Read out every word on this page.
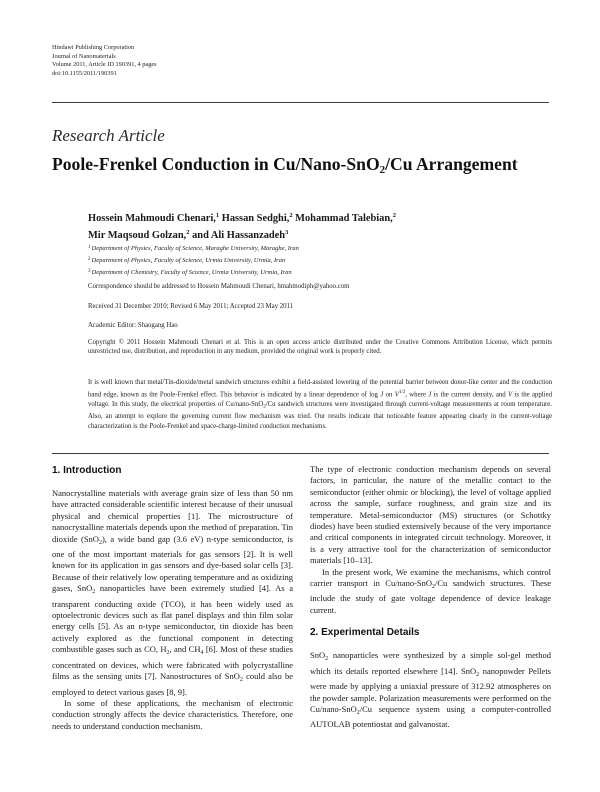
Hindawi Publishing Corporation
Journal of Nanomaterials
Volume 2011, Article ID 190391, 4 pages
doi:10.1155/2011/190391
Research Article
Poole-Frenkel Conduction in Cu/Nano-SnO$_2$/Cu Arrangement
Hossein Mahmoudi Chenari,$^1$ Hassan Sedghi,$^2$ Mohammad Talebian,$^2$
Mir Maqsoud Golzan,$^2$ and Ali Hassanzadeh$^3$
$^1$Department of Physics, Faculty of Science, Maraghe University, Maraghe, Iran
$^2$Department of Physics, Faculty of Science, Urmia University, Urmia, Iran
$^3$Department of Chemistry, Faculty of Science, Urmia University, Urmia, Iran
Correspondence should be addressed to Hossein Mahmoudi Chenari, hmahmodiph@yahoo.com
Received 31 December 2010; Revised 6 May 2011; Accepted 23 May 2011
Academic Editor: Shaogang Hao
Copyright © 2011 Hossein Mahmoudi Chenari et al. This is an open access article distributed under the Creative Commons Attribution License, which permits unrestricted use, distribution, and reproduction in any medium, provided the original work is properly cited.
It is well known that metal/Tin-dioxide/metal sandwich structures exhibit a field-assisted lowering of the potential barrier between donor-like center and the conduction band edge, known as the Poole-Frenkel effect. This behavior is indicated by a linear dependence of log J on $V^{1/2}$, where J is the current density, and V is the applied voltage. In this study, the electrical properties of Cu/nano-SnO$_2$/Cu sandwich structures were investigated through current-voltage measurements at room temperature. Also, an attempt to explore the governing current flow mechanism was tried. Our results indicate that noticeable feature appearing clearly in the current-voltage characterization is the Poole-Frenkel and space-charge-limited conduction mechanisms.
1. Introduction

Nanocrystalline materials with average grain size of less than 50 nm have attracted considerable scientific interest because of their unusual physical and chemical properties [1]. The microstructure of nanocrystalline materials depends upon the method of preparation. Tin dioxide (SnO$_2$), a wide band gap (3.6 eV) n-type semiconductor, is one of the most important materials for gas sensors [2]. It is well known for its application in gas sensors and dye-based solar cells [3]. Because of their relatively low operating temperature and as oxidizing gases, SnO$_2$ nanoparticles have been extremely studied [4]. As a transparent conducting oxide (TCO), it has been widely used as optoelectronic devices such as flat panel displays and thin film solar energy cells [5]. As an n-type semiconductor, tin dioxide has been actively explored as the functional component in detecting combustible gases such as CO, $H_2$, and $CH_4$ [6]. Most of these studies concentrated on devices, which were fabricated with polycrystalline films as the sensing units [7]. Nanostructures of SnO$_2$ could also be employed to detect various gases [8, 9].

In some of these applications, the mechanism of electronic conduction strongly affects the device characteristics. Therefore, one needs to understand conduction mechanism.

The type of electronic conduction mechanism depends on several factors, in particular, the nature of the metallic contact to the semiconductor (either ohmic or blocking), the level of voltage applied across the sample, surface roughness, and grain size and its temperature. Metal-semiconductor (MS) structures (or Schottky diodes) have been studied extensively because of the very importance and critical components in integrated circuit technology. Moreover, it is a very attractive tool for the characterization of semiconductor materials [10–13].

In the present work, We examine the mechanisms, which control carrier transport in Cu/nano-SnO$_2$/Cu sandwich structures. These include the study of gate voltage dependence of device leakage current.

2. Experimental Details

SnO$_2$ nanoparticles were synthesized by a simple sol-gel method which its details reported elsewhere [14]. SnO$_2$ nanopowder Pellets were made by applying a uniaxial pressure of 312.92 atmospheres on the powder sample. Polarization measurements were performed on the Cu/nano-SnO$_2$/Cu sequence system using a computer-controlled AUTOLAB potentiostat and galvanostat.
